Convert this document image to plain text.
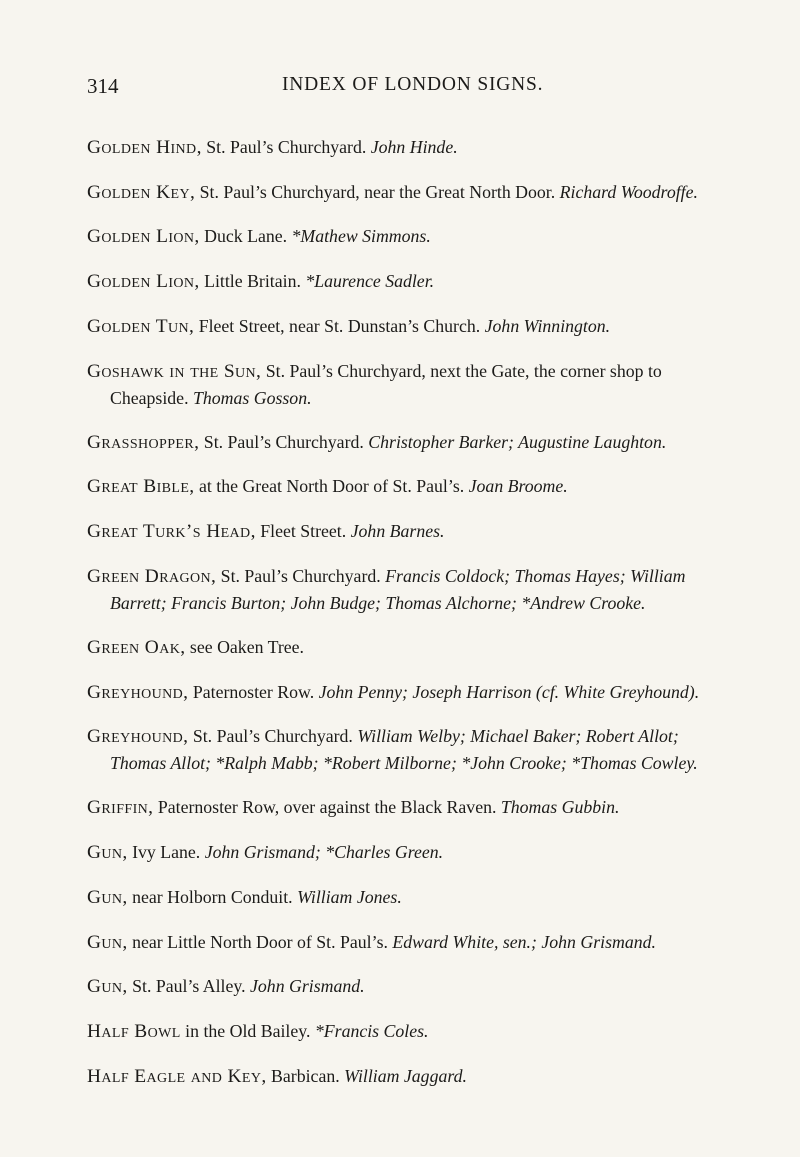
314	INDEX OF LONDON SIGNS.

Golden Hind, St. Paul’s Churchyard. John Hinde.

Golden Key, St. Paul’s Churchyard, near the Great North Door. Richard Woodroffe.

Golden Lion, Duck Lane. *Mathew Simmons.

Golden Lion, Little Britain. *Laurence Sadler.

Golden Tun, Fleet Street, near St. Dunstan’s Church. John Winnington.

Goshawk in the Sun, St. Paul’s Churchyard, next the Gate, the corner shop to Cheapside. Thomas Gosson.

Grasshopper, St. Paul’s Churchyard. Christopher Barker; Augustine Laughton.

Great Bible, at the Great North Door of St. Paul’s. Joan Broome.

Great Turk’s Head, Fleet Street. John Barnes.

Green Dragon, St. Paul’s Churchyard. Francis Coldock; Thomas Hayes; William Barrett; Francis Burton; John Budge; Thomas Alchorne; *Andrew Crooke.

Green Oak, see Oaken Tree.

Greyhound, Paternoster Row. John Penny; Joseph Harrison (cf. White Greyhound).

Greyhound, St. Paul’s Churchyard. William Welby; Michael Baker; Robert Allot; Thomas Allot; *Ralph Mabb; *Robert Milborne; *John Crooke; *Thomas Cowley.

Griffin, Paternoster Row, over against the Black Raven. Thomas Gubbin.

Gun, Ivy Lane. John Grismand; *Charles Green.

Gun, near Holborn Conduit. William Jones.

Gun, near Little North Door of St. Paul’s. Edward White, sen.; John Grismand.

Gun, St. Paul’s Alley. John Grismand.

Half Bowl in the Old Bailey. *Francis Coles.

Half Eagle and Key, Barbican. William Jaggard.
